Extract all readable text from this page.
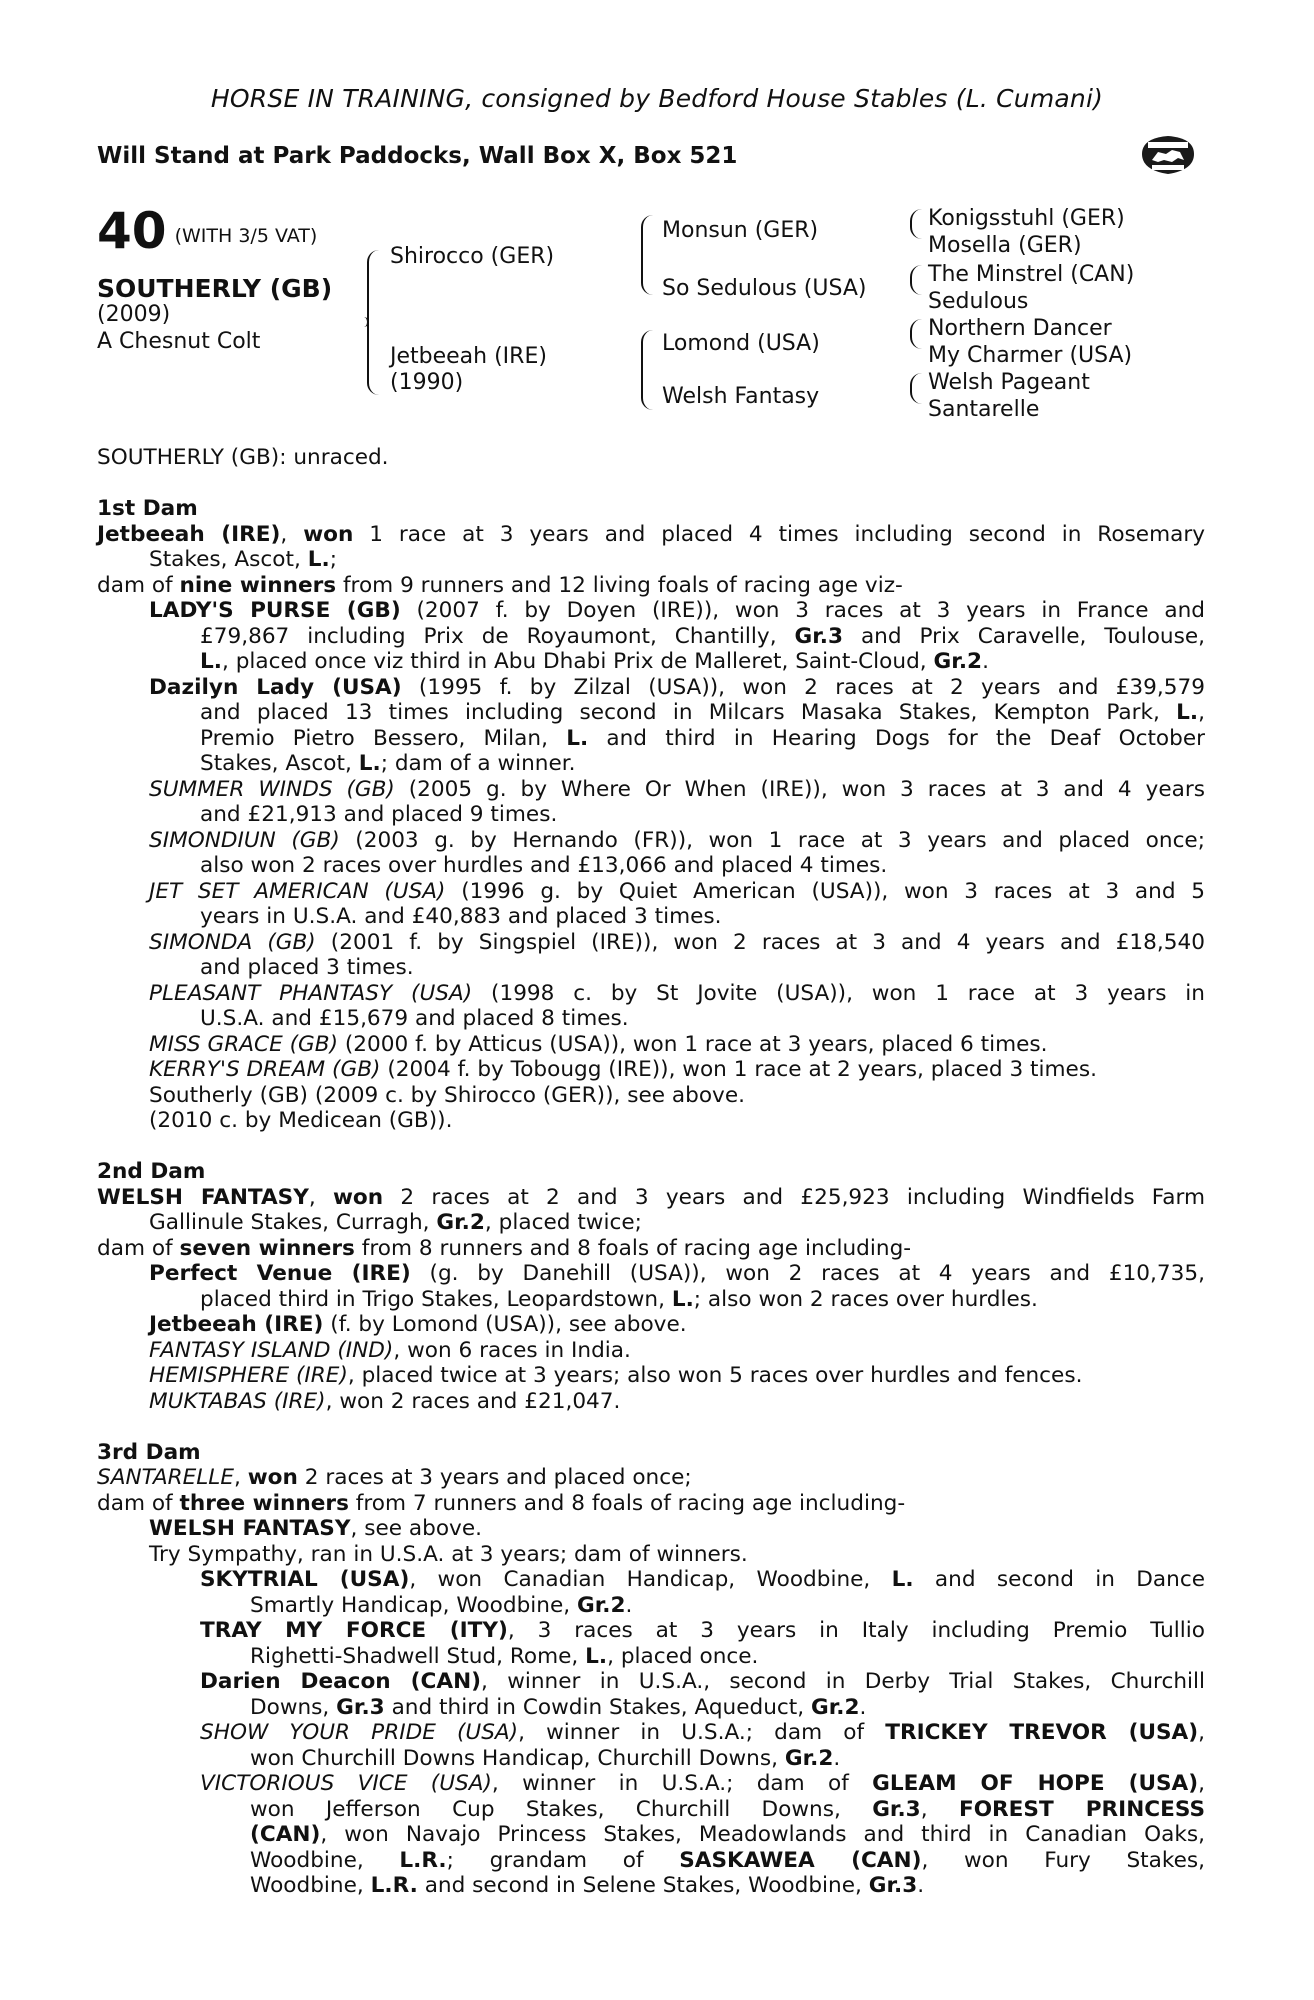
HORSE IN TRAINING, consigned by Bedford House Stables (L. Cumani)
Will Stand at Park Paddocks, Wall Box X, Box 521
40 (WITH 3/5 VAT)
SOUTHERLY (GB)
(2009)
A Chesnut Colt
Shirocco (GER)
Jetbeeah (IRE)
(1990)
Monsun (GER)
So Sedulous (USA)
Lomond (USA)
Welsh Fantasy
Konigsstuhl (GER)
Mosella (GER)
The Minstrel (CAN)
Sedulous
Northern Dancer
My Charmer (USA)
Welsh Pageant
Santarelle
SOUTHERLY (GB): unraced.
1st Dam
Jetbeeah (IRE), won 1 race at 3 years and placed 4 times including second in Rosemary
Stakes, Ascot, L.;
dam of nine winners from 9 runners and 12 living foals of racing age viz-
LADY'S PURSE (GB) (2007 f. by Doyen (IRE)), won 3 races at 3 years in France and
£79,867 including Prix de Royaumont, Chantilly, Gr.3 and Prix Caravelle, Toulouse,
L., placed once viz third in Abu Dhabi Prix de Malleret, Saint-Cloud, Gr.2.
Dazilyn Lady (USA) (1995 f. by Zilzal (USA)), won 2 races at 2 years and £39,579
and placed 13 times including second in Milcars Masaka Stakes, Kempton Park, L.,
Premio Pietro Bessero, Milan, L. and third in Hearing Dogs for the Deaf October
Stakes, Ascot, L.; dam of a winner.
SUMMER WINDS (GB) (2005 g. by Where Or When (IRE)), won 3 races at 3 and 4 years
and £21,913 and placed 9 times.
SIMONDIUN (GB) (2003 g. by Hernando (FR)), won 1 race at 3 years and placed once;
also won 2 races over hurdles and £13,066 and placed 4 times.
JET SET AMERICAN (USA) (1996 g. by Quiet American (USA)), won 3 races at 3 and 5
years in U.S.A. and £40,883 and placed 3 times.
SIMONDA (GB) (2001 f. by Singspiel (IRE)), won 2 races at 3 and 4 years and £18,540
and placed 3 times.
PLEASANT PHANTASY (USA) (1998 c. by St Jovite (USA)), won 1 race at 3 years in
U.S.A. and £15,679 and placed 8 times.
MISS GRACE (GB) (2000 f. by Atticus (USA)), won 1 race at 3 years, placed 6 times.
KERRY'S DREAM (GB) (2004 f. by Tobougg (IRE)), won 1 race at 2 years, placed 3 times.
Southerly (GB) (2009 c. by Shirocco (GER)), see above.
(2010 c. by Medicean (GB)).
2nd Dam
WELSH FANTASY, won 2 races at 2 and 3 years and £25,923 including Windfields Farm
Gallinule Stakes, Curragh, Gr.2, placed twice;
dam of seven winners from 8 runners and 8 foals of racing age including-
Perfect Venue (IRE) (g. by Danehill (USA)), won 2 races at 4 years and £10,735,
placed third in Trigo Stakes, Leopardstown, L.; also won 2 races over hurdles.
Jetbeeah (IRE) (f. by Lomond (USA)), see above.
FANTASY ISLAND (IND), won 6 races in India.
HEMISPHERE (IRE), placed twice at 3 years; also won 5 races over hurdles and fences.
MUKTABAS (IRE), won 2 races and £21,047.
3rd Dam
SANTARELLE, won 2 races at 3 years and placed once;
dam of three winners from 7 runners and 8 foals of racing age including-
WELSH FANTASY, see above.
Try Sympathy, ran in U.S.A. at 3 years; dam of winners.
SKYTRIAL (USA), won Canadian Handicap, Woodbine, L. and second in Dance
Smartly Handicap, Woodbine, Gr.2.
TRAY MY FORCE (ITY), 3 races at 3 years in Italy including Premio Tullio
Righetti-Shadwell Stud, Rome, L., placed once.
Darien Deacon (CAN), winner in U.S.A., second in Derby Trial Stakes, Churchill
Downs, Gr.3 and third in Cowdin Stakes, Aqueduct, Gr.2.
SHOW YOUR PRIDE (USA), winner in U.S.A.; dam of TRICKEY TREVOR (USA),
won Churchill Downs Handicap, Churchill Downs, Gr.2.
VICTORIOUS VICE (USA), winner in U.S.A.; dam of GLEAM OF HOPE (USA),
won Jefferson Cup Stakes, Churchill Downs, Gr.3, FOREST PRINCESS
(CAN), won Navajo Princess Stakes, Meadowlands and third in Canadian Oaks,
Woodbine, L.R.; grandam of SASKAWEA (CAN), won Fury Stakes,
Woodbine, L.R. and second in Selene Stakes, Woodbine, Gr.3.
